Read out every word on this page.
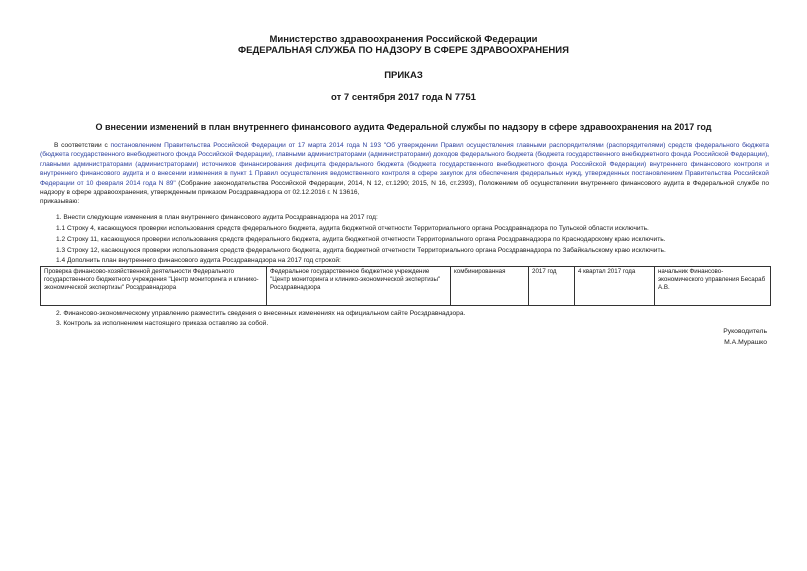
Министерство здравоохранения Российской Федерации
ФЕДЕРАЛЬНАЯ СЛУЖБА ПО НАДЗОРУ В СФЕРЕ ЗДРАВООХРАНЕНИЯ
ПРИКАЗ
от 7 сентября 2017 года N 7751
О внесении изменений в план внутреннего финансового аудита Федеральной службы по надзору в сфере здравоохранения на 2017 год
В соответствии с постановлением Правительства Российской Федерации от 17 марта 2014 года N 193 "Об утверждении Правил осуществления главными распорядителями (распорядителями) средств федерального бюджета (бюджета государственного внебюджетного фонда Российской Федерации), главными администраторами (администраторами) доходов федерального бюджета (бюджета государственного внебюджетного фонда Российской Федерации), главными администраторами (администраторами) источников финансирования дефицита федерального бюджета (бюджета государственного внебюджетного фонда Российской Федерации) внутреннего финансового контроля и внутреннего финансового аудита и о внесении изменения в пункт 1 Правил осуществления ведомственного контроля в сфере закупок для обеспечения федеральных нужд, утвержденных постановлением Правительства Российской Федерации от 10 февраля 2014 года N 89" (Собрание законодательства Российской Федерации, 2014, N 12, ст.1290; 2015, N 16, ст.2393), Положением об осуществлении внутреннего финансового аудита в Федеральной службе по надзору в сфере здравоохранения, утвержденным приказом Росздравнадзора от 02.12.2016 г. N 13616,
приказываю:
1. Внести следующие изменения в план внутреннего финансового аудита Росздравнадзора на 2017 год:
1.1 Строку 4, касающуюся проверки использования средств федерального бюджета, аудита бюджетной отчетности Территориального органа Росздравнадзора по Тульской области исключить.
1.2 Строку 11, касающуюся проверки использования средств федерального бюджета, аудита бюджетной отчетности Территориального органа Росздравнадзора по Краснодарскому краю исключить.
1.3 Строку 12, касающуюся проверки использования средств федерального бюджета, аудита бюджетной отчетности Территориального органа Росздравнадзора по Забайкальскому краю исключить.
1.4 Дополнить план внутреннего финансового аудита Росздравнадзора на 2017 год строкой:
Проверка финансово-хозяйственной деятельности Федерального государственного бюджетного учреждения "Центр мониторинга и клинико-экономической экспертизы" Росздравнадзора	Федеральное государственное бюджетное учреждение "Центр мониторинга и клинико-экономической экспертизы" Росздравнадзора	комбинированная	2017 год	4 квартал 2017 года	начальник Финансово-экономического управления Бесараб А.В.
2. Финансово-экономическому управлению разместить сведения о внесенных изменениях на официальном сайте Росздравнадзора.
3. Контроль за исполнением настоящего приказа оставляю за собой.
Руководитель
М.А.Мурашко
